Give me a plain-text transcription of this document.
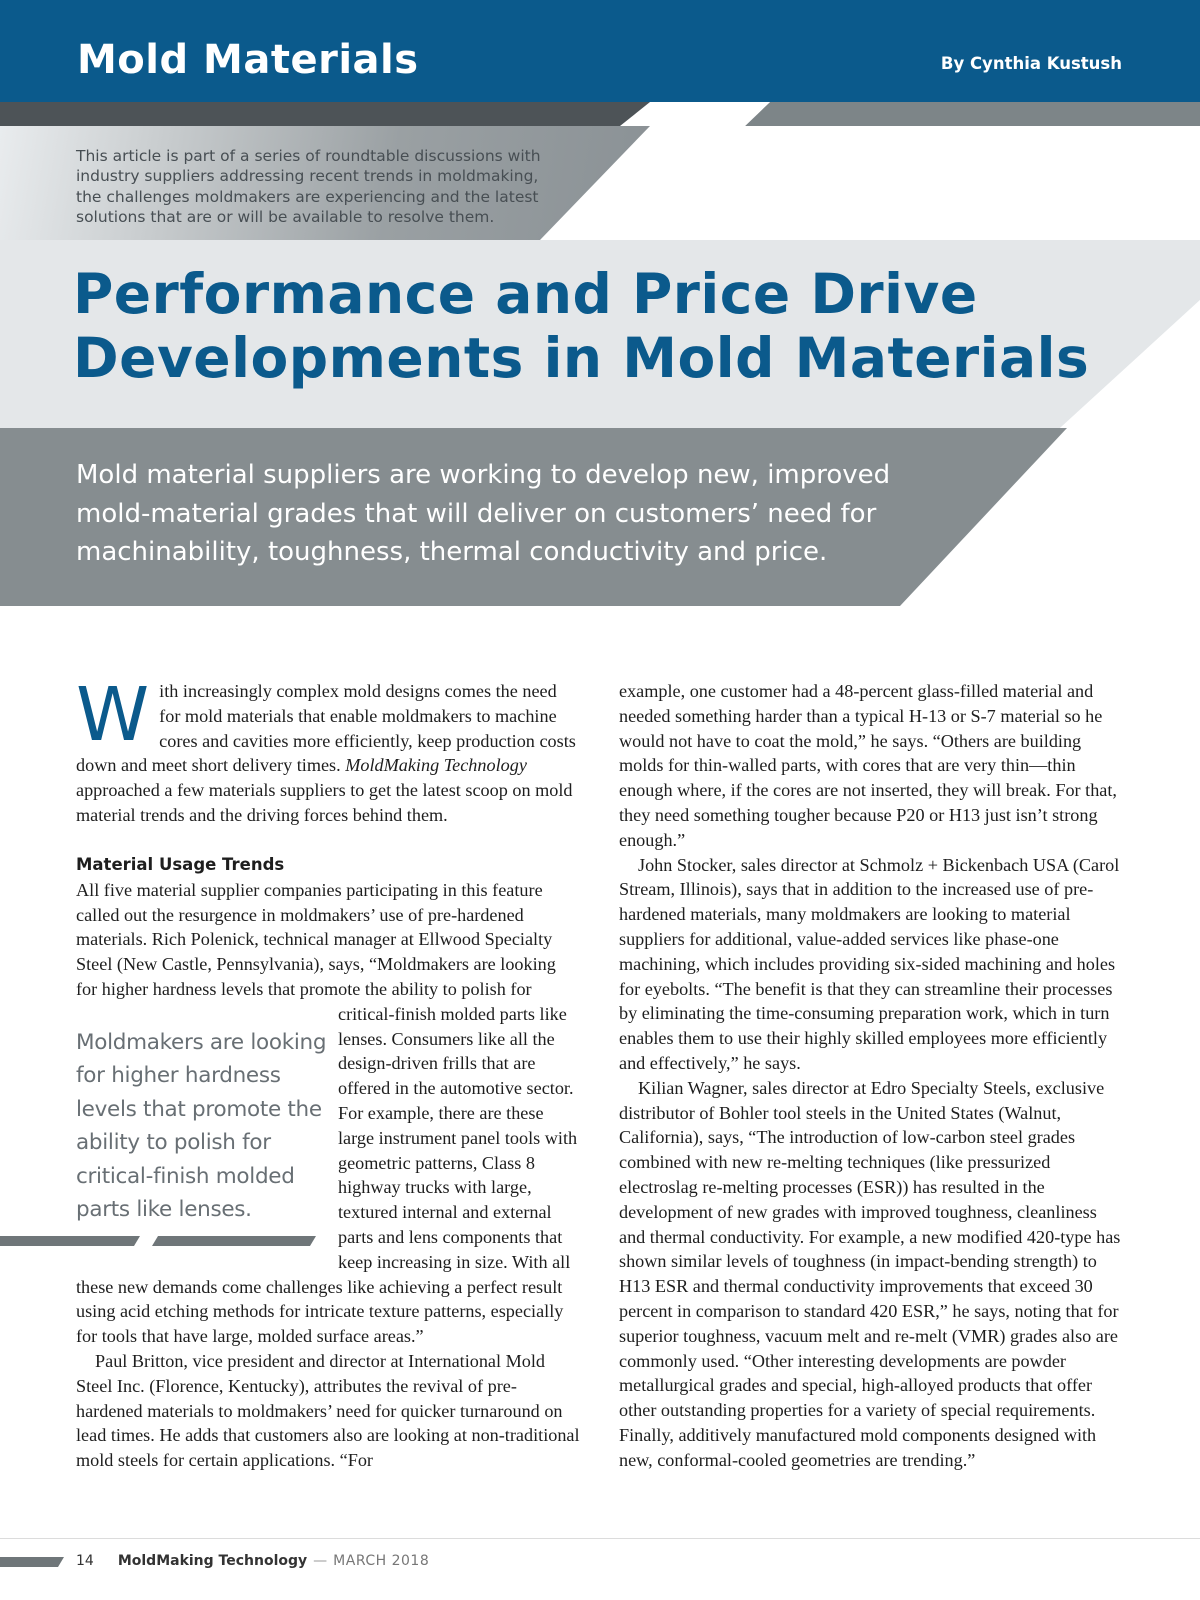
Mold Materials	By Cynthia Kustush
This article is part of a series of roundtable discussions with industry suppliers addressing recent trends in moldmaking, the challenges moldmakers are experiencing and the latest solutions that are or will be available to resolve them.
Performance and Price Drive
Developments in Mold Materials
Mold material suppliers are working to develop new, improved mold-material grades that will deliver on customers’ need for machinability, toughness, thermal conductivity and price.

With increasingly complex mold designs comes the need for mold materials that enable moldmakers to machine cores and cavities more efficiently, keep production costs down and meet short delivery times. MoldMaking Technology approached a few materials suppliers to get the latest scoop on mold material trends and the driving forces behind them.

Material Usage Trends

All five material supplier companies participating in this feature called out the resurgence in moldmakers’ use of pre-hardened materials. Rich Polenick, technical manager at Ellwood Specialty Steel (New Castle, Pennsylvania), says, “Moldmakers are looking for higher hardness levels that promote the ability to polish for
Moldmakers are looking for higher hardness levels that promote the ability to polish for critical-finish molded parts like lenses.
critical-finish molded parts like lenses. Consumers like all the design-driven frills that are offered in the automotive sector. For example, there are these large instrument panel tools with geometric patterns, Class 8 highway trucks with large, textured internal and external parts and lens components that keep increasing in size. With all these new demands come challenges like achieving a perfect result using acid etching methods for intricate texture patterns, especially for tools that have large, molded surface areas.”

Paul Britton, vice president and director at International Mold Steel Inc. (Florence, Kentucky), attributes the revival of pre-hardened materials to moldmakers’ need for quicker turnaround on lead times. He adds that customers also are looking at non-traditional mold steels for certain applications. “For

example, one customer had a 48-percent glass-filled material and needed something harder than a typical H-13 or S-7 material so he would not have to coat the mold,” he says. “Others are building molds for thin-walled parts, with cores that are very thin—thin enough where, if the cores are not inserted, they will break. For that, they need something tougher because P20 or H13 just isn’t strong enough.”

John Stocker, sales director at Schmolz + Bickenbach USA (Carol Stream, Illinois), says that in addition to the increased use of pre-hardened materials, many moldmakers are looking to material suppliers for additional, value-added services like phase-one machining, which includes providing six-sided machining and holes for eyebolts. “The benefit is that they can streamline their processes by eliminating the time-consuming preparation work, which in turn enables them to use their highly skilled employees more efficiently and effectively,” he says.

Kilian Wagner, sales director at Edro Specialty Steels, exclusive distributor of Bohler tool steels in the United States (Walnut, California), says, “The introduction of low-carbon steel grades combined with new re-melting techniques (like pressurized electroslag re-melting processes (ESR)) has resulted in the development of new grades with improved toughness, cleanliness and thermal conductivity. For example, a new modified 420-type has shown similar levels of toughness (in impact-bending strength) to H13 ESR and thermal conductivity improvements that exceed 30 percent in comparison to standard 420 ESR,” he says, noting that for superior toughness, vacuum melt and re-melt (VMR) grades also are commonly used. “Other interesting developments are powder metallurgical grades and special, high-alloyed products that offer other outstanding properties for a variety of special requirements. Finally, additively manufactured mold components designed with new, conformal-cooled geometries are trending.”

14 MoldMaking Technology — MARCH 2018
